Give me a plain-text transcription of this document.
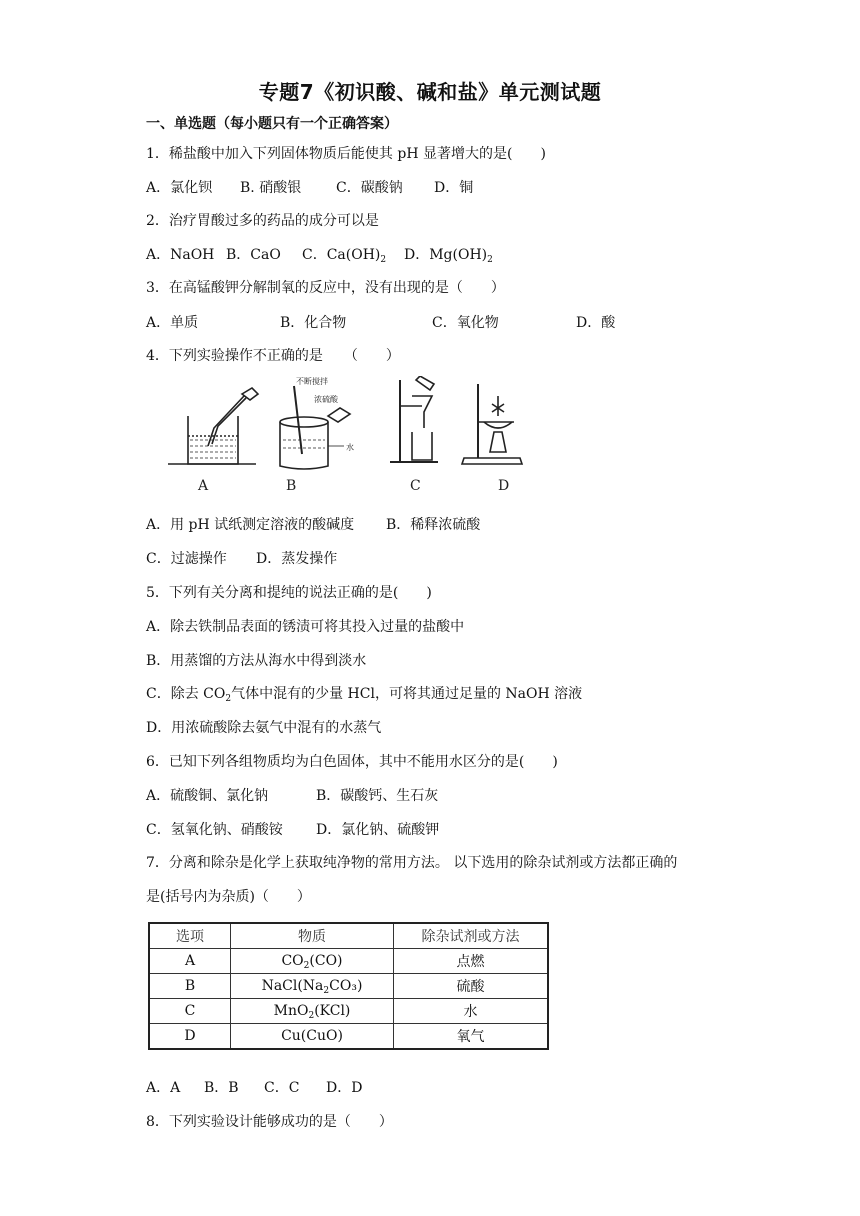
专题7《初识酸、碱和盐》单元测试题
一、单选题（每小题只有一个正确答案）
1．稀盐酸中加入下列固体物质后能使其 pH 显著增大的是(　　)
A．氯化钡 B. 硝酸银 C．碳酸钠 D．铜
2．治疗胃酸过多的药品的成分可以是
A．NaOH B．CaO C．$Ca(OH)_2$ D．$Mg(OH)_2$
3．在高锰酸钾分解制氧的反应中，没有出现的是（　　）
A．单质	B．化合物	C．氧化物	D．酸
4．下列实验操作不正确的是　　（　　）
不断搅拌
浓硫酸
水
A	B	C	D
A．用 pH 试纸测定溶液的酸碱度 B．稀释浓硫酸
C．过滤操作 D．蒸发操作
5．下列有关分离和提纯的说法正确的是(　　)
A．除去铁制品表面的锈渍可将其投入过量的盐酸中
B．用蒸馏的方法从海水中得到淡水
C．除去 $CO_2$气体中混有的少量 HCl，可将其通过足量的 NaOH 溶液
D．用浓硫酸除去氨气中混有的水蒸气
6．已知下列各组物质均为白色固体，其中不能用水区分的是(　　)
A．硫酸铜、氯化钠	B．碳酸钙、生石灰
C．氢氧化钠、硝酸铵 D．氯化钠、硫酸钾
7．分离和除杂是化学上获取纯净物的常用方法。 以下选用的除杂试剂或方法都正确的
是(括号内为杂质)（　　）
选项	物质	除杂试剂或方法
A	$CO_2(CO)$	点燃
B	$NaCl(Na_2CO_3)$	硫酸
C	MnO$_2$(KCl)	水
D	Cu(CuO)	氧气
A．A B．B C．C D．D
8．下列实验设计能够成功的是（　　）
